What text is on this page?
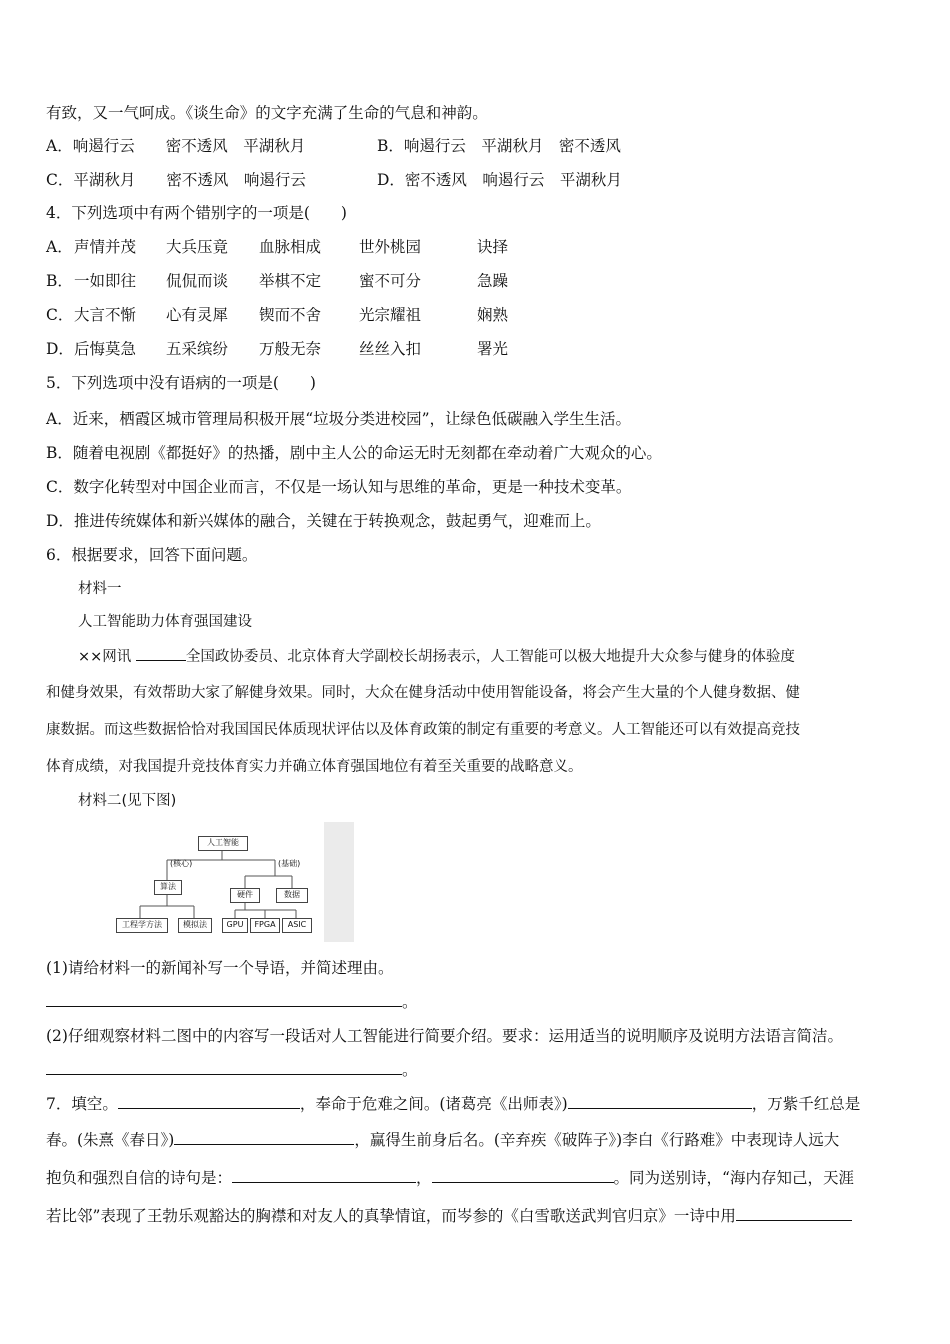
有致，又一气呵成。《谈生命》的文字充满了生命的气息和神韵。
A．响遏行云　　密不透风　平湖秋月	B．响遏行云　平湖秋月　密不透风
C．平湖秋月　　密不透风　响遏行云	D．密不透风　响遏行云　平湖秋月
4．下列选项中有两个错别字的一项是(　　)
A． 声情并茂 大兵压竟 血脉相成 世外桃园	诀择
B． 一如即往 侃侃而谈 举棋不定 蜜不可分	急躁
C． 大言不惭 心有灵犀 锲而不舍 光宗耀祖	娴熟
D． 后悔莫急 五采缤纷 万般无奈 丝丝入扣	署光
5．下列选项中没有语病的一项是(　　)
A．近来，栖霞区城市管理局积极开展“垃圾分类进校园”，让绿色低碳融入学生生活。
B．随着电视剧《都挺好》的热播，剧中主人公的命运无时无刻都在牵动着广大观众的心。
C．数字化转型对中国企业而言，不仅是一场认知与思维的革命，更是一种技术变革。
D．推进传统媒体和新兴媒体的融合，关键在于转换观念，鼓起勇气，迎难而上。
6．根据要求，回答下面问题。
材料一
人工智能助力体育强国建设
××网讯	全国政协委员、北京体育大学副校长胡扬表示，人工智能可以极大地提升大众参与健身的体验度
和健身效果，有效帮助大家了解健身效果。同时，大众在健身活动中使用智能设备，将会产生大量的个人健身数据、健
康数据。而这些数据恰恰对我国国民体质现状评估以及体育政策的制定有重要的考意义。人工智能还可以有效提高竞技
体育成绩，对我国提升竞技体育实力并确立体育强国地位有着至关重要的战略意义。
材料二(见下图)
人工智能
(核心)	(基础)
算法
硬件	数据
工程学方法	模拟法	GPU	FPGA	ASIC
(1)请给材料一的新闻补写一个导语，并简述理由。
。
(2)仔细观察材料二图中的内容写一段话对人工智能进行简要介绍。要求：运用适当的说明顺序及说明方法语言简洁。
。
7．填空。	，奉命于危难之间。(诸葛亮《出师表》)	，万紫千红总是
春。(朱熹《春日》)	，赢得生前身后名。(辛弃疾《破阵子》)李白《行路难》中表现诗人远大
抱负和强烈自信的诗句是：	，	。同为送别诗，“海内存知己，天涯
若比邻”表现了王勃乐观豁达的胸襟和对友人的真挚情谊，而岑参的《白雪歌送武判官归京》一诗中用
